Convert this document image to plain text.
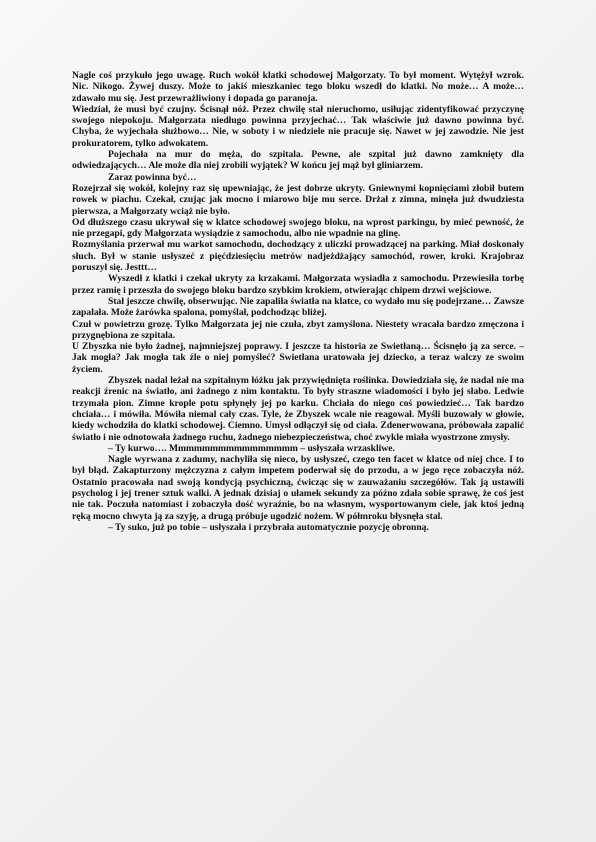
Nagle coś przykuło jego uwagę. Ruch wokół klatki schodowej Małgorzaty. To był moment. Wytężył wzrok. Nic. Nikogo. Żywej duszy. Może to jakiś mieszkaniec tego bloku wszedł do klatki. No może… A może… zdawało mu się. Jest przewrażliwiony i dopada go paranoja.

Wiedział, że musi być czujny. Ścisnął nóż. Przez chwilę stał nieruchomo, usiłując zidentyfikować przyczynę swojego niepokoju. Małgorzata niedługo powinna przyjechać… Tak właściwie już dawno powinna być. Chyba, że wyjechała służbowo… Nie, w soboty i w niedziele nie pracuje się. Nawet w jej zawodzie. Nie jest prokuratorem, tylko adwokatem.

Pojechała na mur do męża, do szpitala. Pewne, ale szpital już dawno zamknięty dla odwiedzających… Ale może dla niej zrobili wyjątek? W końcu jej mąż był gliniarzem.

Zaraz powinna być…

Rozejrzał się wokół, kolejny raz się upewniając, że jest dobrze ukryty. Gniewnymi kopnięciami złobił butem rowek w piachu. Czekał, czując jak mocno i miarowo bije mu serce. Drżał z zimna, minęła już dwudziesta pierwsza, a Małgorzaty wciąż nie było.

Od dłuższego czasu ukrywał się w klatce schodowej swojego bloku, na wprost parkingu, by mieć pewność, że nie przegapi, gdy Małgorzata wysiądzie z samochodu, albo nie wpadnie na glinę.

Rozmyślania przerwał mu warkot samochodu, dochodzący z uliczki prowadzącej na parking. Miał doskonały słuch. Był w stanie usłyszeć z pięćdziesięciu metrów nadjeżdżający samochód, rower, kroki. Krajobraz poruszył się. Jesttt…

Wyszedł z klatki i czekał ukryty za krzakami. Małgorzata wysiadła z samochodu. Przewiesiła torbę przez ramię i przeszła do swojego bloku bardzo szybkim krokiem, otwierając chipem drzwi wejściowe.

Stał jeszcze chwilę, obserwując. Nie zapaliła światła na klatce, co wydało mu się podejrzane… Zawsze zapalała. Może żarówka spalona, pomyślał, podchodząc bliżej.

Czuł w powietrzu grozę. Tylko Małgorzata jej nie czuła, zbyt zamyślona. Niestety wracała bardzo zmęczona i przygnębiona ze szpitala.

U Zbyszka nie było żadnej, najmniejszej poprawy. I jeszcze ta historia ze Swietłaną… Ścisnęło ją za serce. – Jak mogła? Jak mogła tak źle o niej pomyśleć? Swietłana uratowała jej dziecko, a teraz walczy ze swoim życiem.

Zbyszek nadal leżał na szpitalnym łóżku jak przywiędnięta roślinka. Dowiedziała się, że nadal nie ma reakcji źrenic na światło, ani żadnego z nim kontaktu. To były straszne wiadomości i było jej słabo. Ledwie trzymała pion. Zimne krople potu spłynęły jej po karku. Chciała do niego coś powiedzieć… Tak bardzo chciała… i mówiła. Mówiła niemal cały czas. Tyle, że Zbyszek wcale nie reagował. Myśli buzowały w głowie, kiedy wchodziła do klatki schodowej. Ciemno. Umysł odłączył się od ciała. Zdenerwowana, próbowała zapalić światło i nie odnotowała żadnego ruchu, żadnego niebezpieczeństwa, choć zwykle miała wyostrzone zmysły.

– Ty kurwo…. Mmmmmmmmmmmmmmmm – usłyszała wrzaskliwe.

Nagle wyrwana z zadumy, nachyliła się nieco, by usłyszeć, czego ten facet w klatce od niej chce. I to był błąd. Zakapturzony mężczyzna z całym impetem poderwał się do przodu, a w jego ręce zobaczyła nóż. Ostatnio pracowała nad swoją kondycją psychiczną, ćwicząc się w zauważaniu szczegółów. Tak ją ustawili psycholog i jej trener sztuk walki. A jednak dzisiaj o ułamek sekundy za późno zdała sobie sprawę, że coś jest nie tak. Poczuła natomiast i zobaczyła dość wyraźnie, bo na własnym, wysportowanym ciele, jak ktoś jedną ręką mocno chwyta ją za szyję, a drugą próbuje ugodzić nożem. W półmroku błysnęła stal.

– Ty suko, już po tobie – usłyszała i przybrała automatycznie pozycję obronną.
